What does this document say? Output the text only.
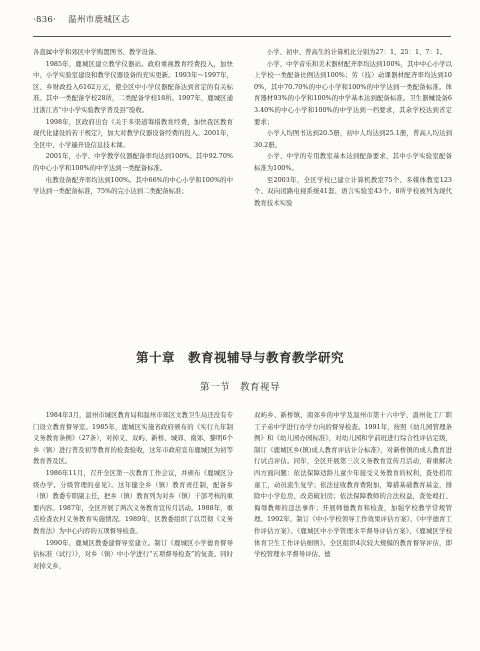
·836· 温州市鹿城区志

各直属中学和郊区中学购置图书、教学设备。

1985年，鹿城区建立教学仪器站。政府重视教育经费投入，加快中、小学实验室建设和教学仪器设备的充实更新。1993年～1997年，区、乡财政投入6162万元，使全区中小学仪器配备达到省定的有关标准。其中一类配备学校28所，二类配备学校18所。1997年，鹿城区通过浙江省“中小学实验教学普及县”验收。

1998年，区政府出台《关于多渠道筹措教育经费，加快我区教育现代化建设的若干规定》，加大对教学仪器设备经费的投入。2001年，全区中、小学遍开设信息技术课。

2001年，小学、中学教学仪器配备率均达到100%。其中92.70%的中心小学和100%的中学达到一类配备标准。

电教设备配齐率均达到100%。其中66%的中心小学和100%的中学达到一类配备标准，75%的完小达到二类配备标准；

小学、初中、普高生的计算机比分别为27：1、25：1、7：1。

小学、中学音乐和美术器材配齐率均达到100%，其中中心小学以上学校一类配备比例达到100%；劳（技）动课器材配齐率均达到100%，其中70.70%的中心小学和100%的中学达到一类配备标准。体育器材93%的小学和100%的中学基本达到配备标准。卫生器械设备63.40%的中心小学和100%的中学达到一档要求，其余学校达到省定要求；

小学人均图书达到20.5册，初中人均达到25.1册，普高人均达到30.2册。

小学、中学的专用教室基本达到配备要求，其中小学实验室配备标准为100%。

至2003年，全区学校已建立计算机教室75个、多媒体教室123个、双向闭路电视系统41套、语言实验室43个。8所学校被列为现代教育技术实验

第十章　教育视辅导与教育教学研究
第一节　教育视导

1984年3月，温州市城区教育局和温州市郊区文教卫生局还没有专门设立教育督导室。1985年，鹿城区实施省政府颁布的《实行九年制义务教育条例》（27条），对掉义、双屿、新桥、城郊、南郊、黎明6个乡（镇）进行普及初等教育的检查验收，这年市政府宣布鹿城区为初等教育普及区。

1986年11月，召开全区第一次教育工作会议，并颁布《鹿城区分级办学、分级管理的意见》。这年健全乡（镇）教育责任制，配备乡（镇）教委专职副主任，把乡（镇）教育列为对乡（镇）干部考核的重要内容。1987年，全区开展了两次义务教育宣传月活动。1988年，重点检查农村义务教育实施情况。1989年，区教委组织了以贯彻《义务教育法》为中心内容的五项督导检查。

1990年，鹿城区教委建督导室建立。制订《鹿城区小学德育督导估标准（试行）》，对乡（镇）中小学进行“五项督导检查”的复查。同时对掉义乡、

双屿乡、新桥镇、南郊乡的中学及温州市第十六中学、温州化工厂职工子弟中学进行办学方向的督导检查。1991年，按照《幼儿园管理条例》和《幼儿园办园标准》，对幼儿园和学前班进行综合性评估定级，制订《鹿城区乡(镇)成人教育评估计分标准》，对新桥镇的成人教育进行试点评估。同年，全区开展第三次义务教育宣传月活动，着重解决四方面问题：依法保障适龄儿童少年接受义务教育的权利，查处招用童工，动员流生复学；依法征收教育费附加，筹措基础教育基金，排除中小学危房，改造破旧房；依法保障教师的合法权益，查处殴打、侮辱教师的违法事件；开展师德教育和检查，加强学校教学常规管理。1992年，制订《中小学校领导工作效果评估方案》、《中学德育工作评估方案》、《鹿城区中小学管理水平督导评估方案》、《鹿城区学校体育卫生工作评估细则》。全区组织4次较大规模的教育督导评估，即学校管理水平督导评估、德
